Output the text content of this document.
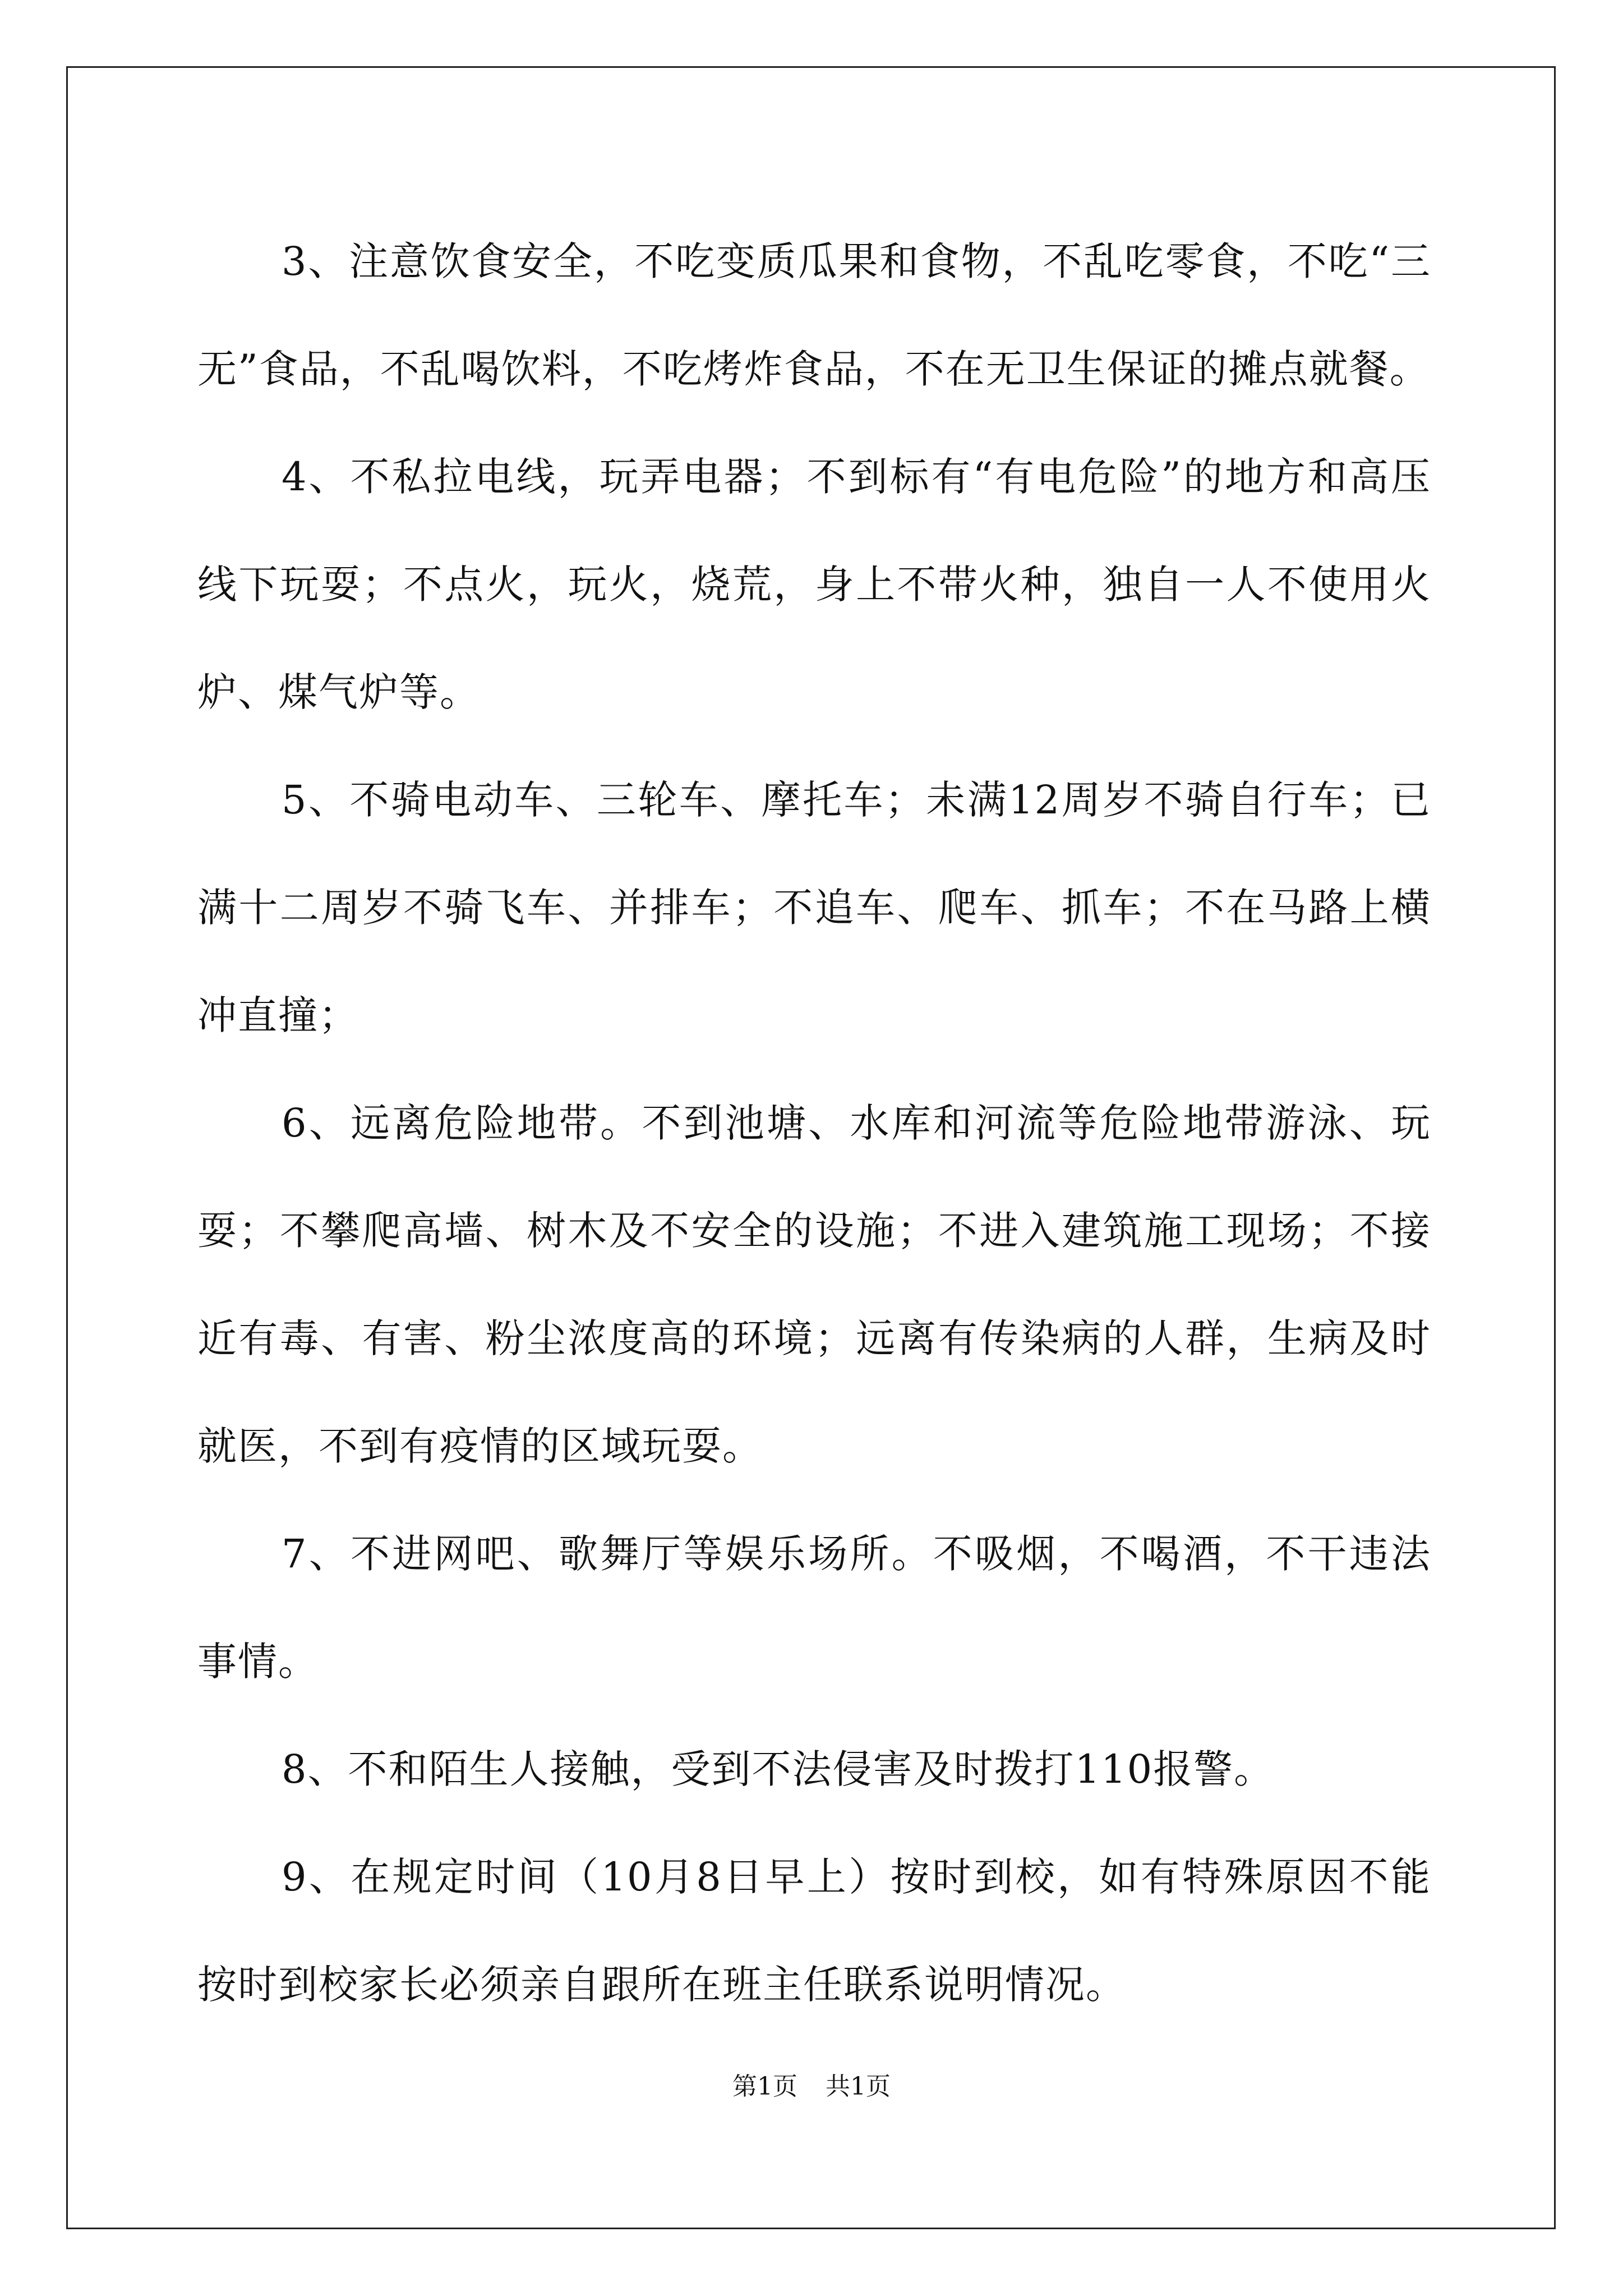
3、注意饮食安全，不吃变质瓜果和食物，不乱吃零食，不吃“三无”食品，不乱喝饮料，不吃烤炸食品，不在无卫生保证的摊点就餐。

4、不私拉电线，玩弄电器；不到标有“有电危险”的地方和高压线下玩耍；不点火，玩火，烧荒，身上不带火种，独自一人不使用火炉、煤气炉等。

5、不骑电动车、三轮车、摩托车；未满12周岁不骑自行车；已满十二周岁不骑飞车、并排车；不追车、爬车、抓车；不在马路上横冲直撞；

6、远离危险地带。不到池塘、水库和河流等危险地带游泳、玩耍；不攀爬高墙、树木及不安全的设施；不进入建筑施工现场；不接近有毒、有害、粉尘浓度高的环境；远离有传染病的人群，生病及时就医，不到有疫情的区域玩耍。

7、不进网吧、歌舞厅等娱乐场所。不吸烟，不喝酒，不干违法事情。

8、不和陌生人接触，受到不法侵害及时拨打110报警。

9、在规定时间（10月8日早上）按时到校，如有特殊原因不能按时到校家长必须亲自跟所在班主任联系说明情况。

第1页 共1页
